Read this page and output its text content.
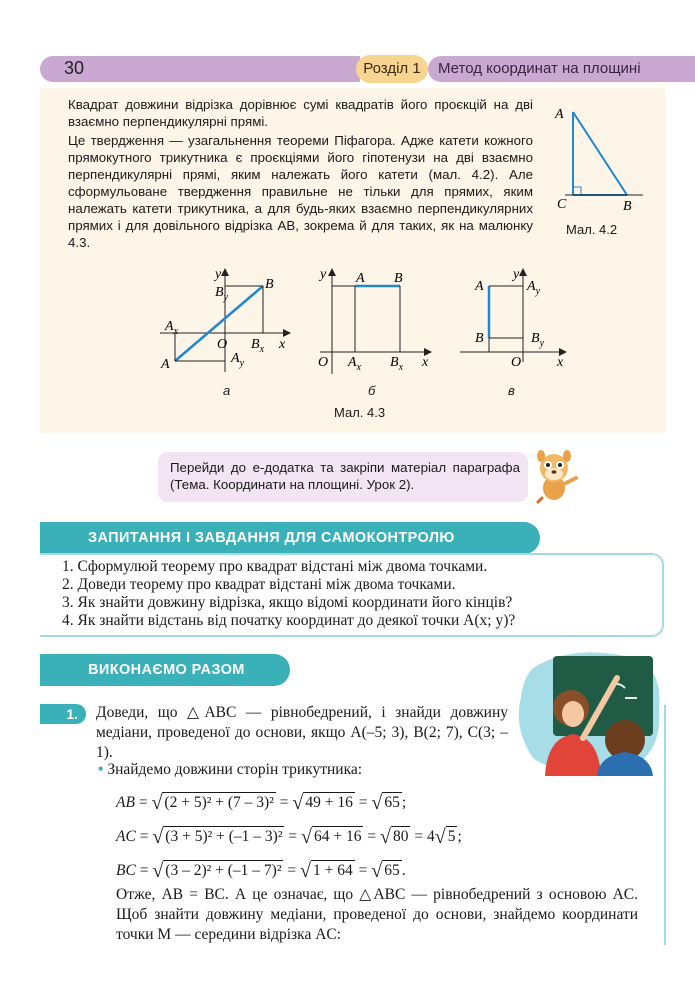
30	Розділ 1	Метод координат на площині
Квадрат довжини відрізка дорівнює сумі квадратів його проєкцій на дві взаємно перпендикулярні прямі.
Це твердження — узагальнення теореми Піфагора. Адже катети кожного прямокутного трикутника є проєкціями його гіпотенузи на дві взаємно перпендикулярні прямі, яким належать його катети (мал. 4.2). Але сформульоване твердження правильне не тільки для прямих, яким належать катети трикутника, а для будь-яких взаємно перпендикулярних прямих і для довільного відрізка AB, зокрема й для таких, як на малюнку 4.3.
A
C	B
Мал. 4.2
y
x
$B_y$
B
$A_x$
O $B_x$
A	$A_y$
а
y
x
A B
O $A_x$ $B_x$
б
y
x
A	$A_y$
B	$B_y$
O
в
Мал. 4.3
Перейди до е-додатка та закріпи матеріал параграфа (Тема. Координати на площині. Урок 2).
ЗАПИТАННЯ І ЗАВДАННЯ ДЛЯ САМОКОНТРОЛЮ
1. Сформулюй теорему про квадрат відстані між двома точками.
2. Доведи теорему про квадрат відстані між двома точками.
3. Як знайти довжину відрізка, якщо відомі координати його кінців?
4. Як знайти відстань від початку координат до деякої точки A(x; y)?
ВИКОНАЄМО РАЗОМ
1.	Доведи, що △ABC — рівнобедрений, і знайди довжину медіани, проведеної до основи, якщо A(–5; 3), B(2; 7), C(3; –1).
• Знайдемо довжини сторін трикутника:
AB = √ (2 + 5)² + (7 – 3)² = √ 49 + 16 = √ 65 ;
AC = √ (3 + 5)² + (–1 – 3)² = √ 64 + 16 = √ 80 = 4√ 5 ;
BC = √ (3 – 2)² + (–1 – 7)² = √ 1 + 64 = √ 65 .
Отже, AB = BC. А це означає, що △ABC — рівнобедрений з основою AC. Щоб знайти довжину медіани, проведеної до основи, знайдемо координати точки M — середини відрізка AC:
